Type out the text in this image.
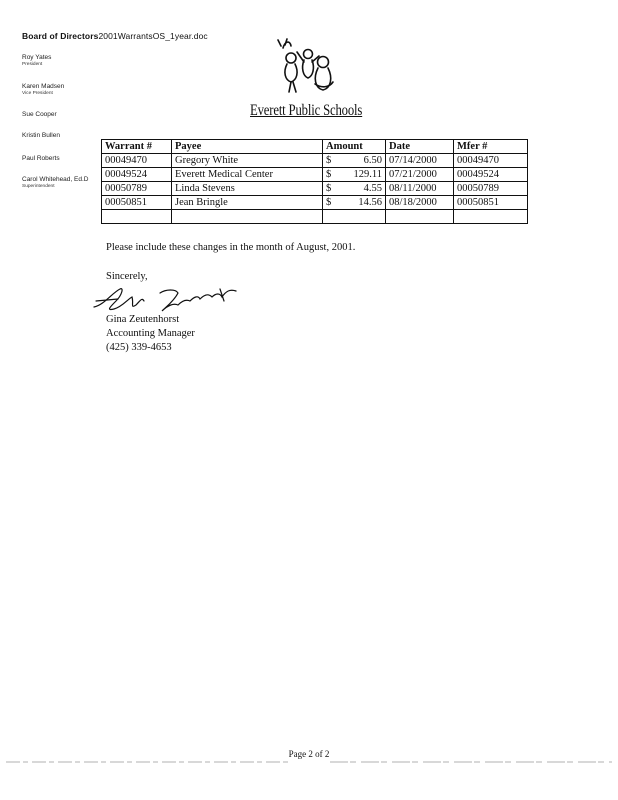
Board of Directors2001WarrantsOS_1year.doc
Roy Yates
President
Karen Madsen
Vice President
Sue Cooper
Kristin Bullen
Paul Roberts
Carol Whitehead, Ed.D
Superintendent
Everett Public Schools
Warrant #	Payee	Amount	Date	Mfer #
00049470	Gregory White	$ 6.50	07/14/2000	00049470
00049524	Everett Medical Center	$ 129.11	07/21/2000	00049524
00050789	Linda Stevens	$ 4.55	08/11/2000	00050789
00050851	Jean Bringle	$ 14.56	08/18/2000	00050851

Please include these changes in the month of August, 2001.
Sincerely,
Gina Zeutenhorst
Accounting Manager
(425) 339-4653
Page 2 of 2
